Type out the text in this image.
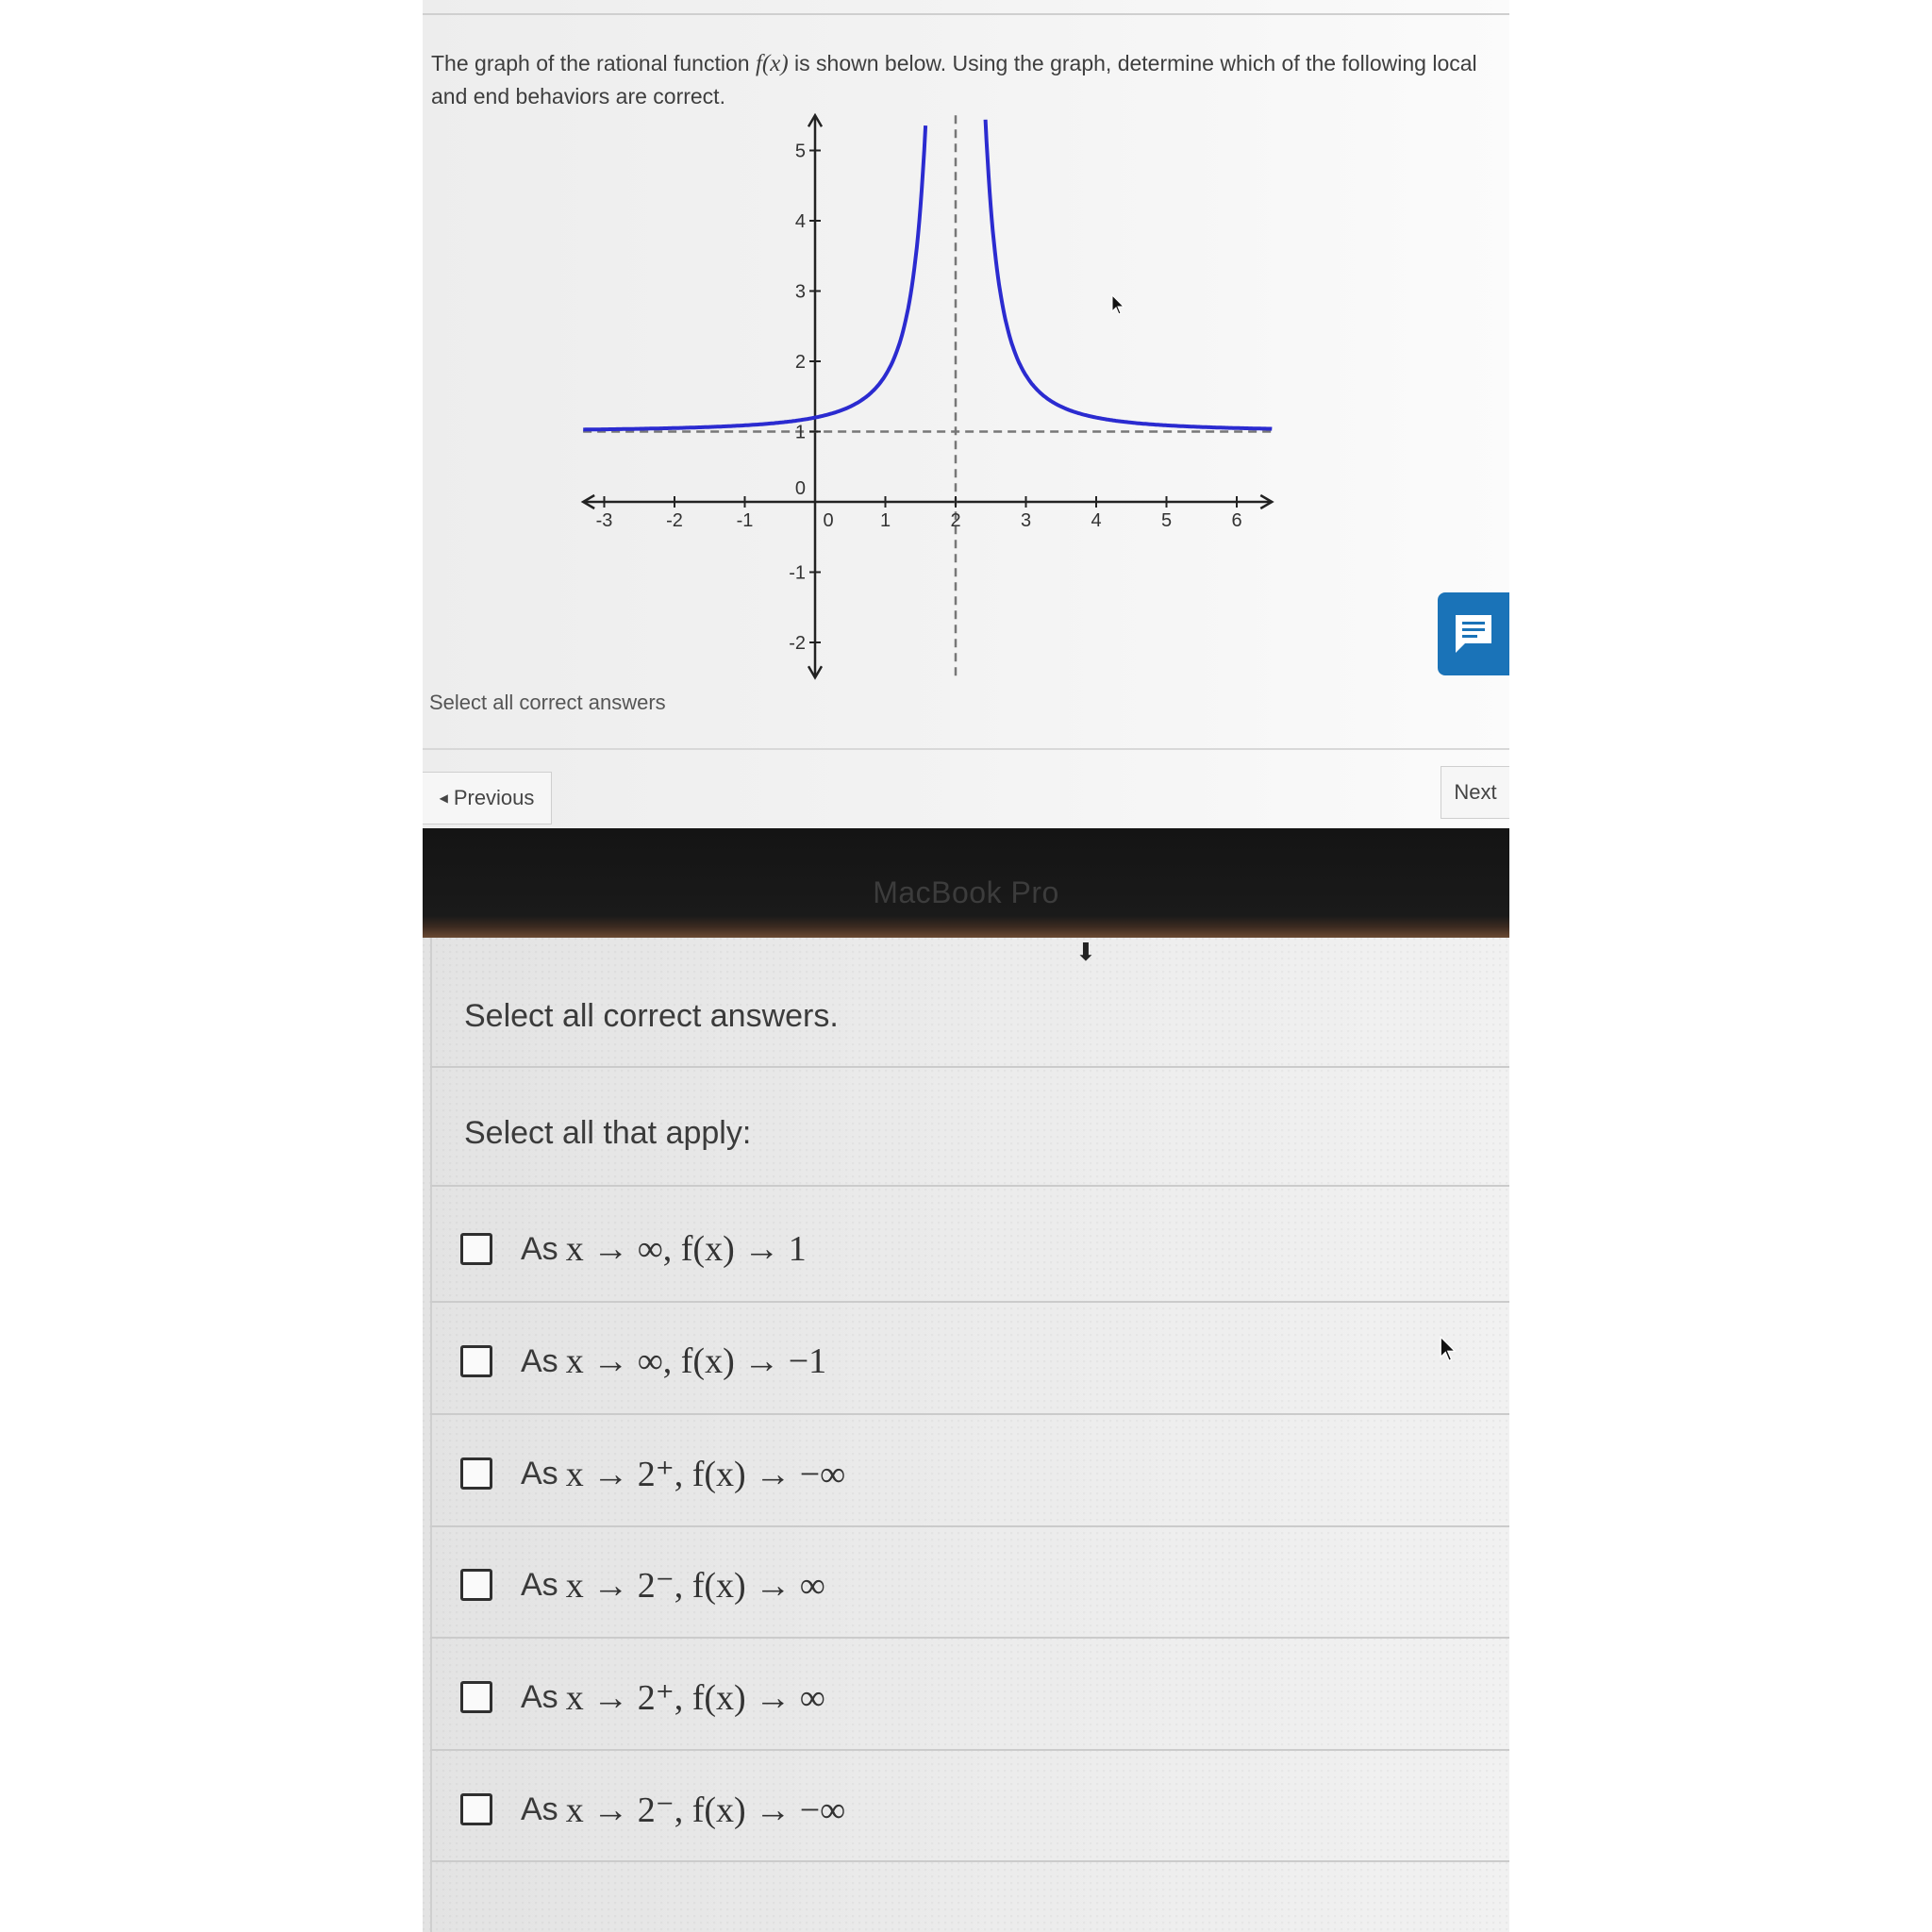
The graph of the rational function f(x) is shown below. Using the graph, determine which of the following local and end behaviors are correct.
-3	-2	-1	0 1	2	3	4	5	6
-2
-1
0
1
2
3
4
5
Select all correct answers
◀ Previous	Next
MacBook Pro
⬇
Select all correct answers.
Select all that apply:
As x → ∞, f(x) → 1
As x → ∞, f(x) → −1
As x → 2⁺, f(x) → −∞
As x → 2⁻, f(x) → ∞
As x → 2⁺, f(x) → ∞
As x → 2⁻, f(x) → −∞
